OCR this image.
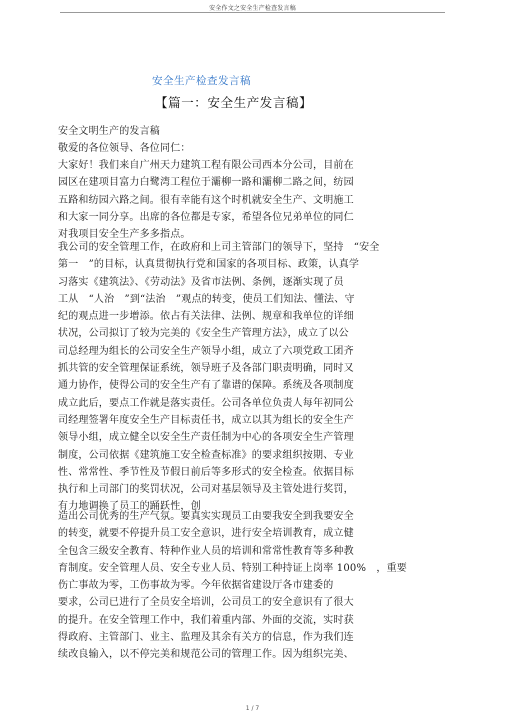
安全作文之安全生产检查发言稿
安全生产检查发言稿
【篇一：安全生产发言稿】
安全文明生产的发言稿
敬爱的各位领导、各位同仁：
大家好！我们来自广州天力建筑工程有限公司西本分公司，目前在
园区在建项目富力白鹭湾工程位于灞柳一路和灞柳二路之间，纺园
五路和纺园六路之间。很有幸能有这个时机就安全生产、文明施工
和大家一同分享。出席的各位都是专家，希望各位兄弟单位的同仁
对我项目安全生产多多指点。
我公司的安全管理工作，在政府和上司主管部门的领导下，坚持　“安全
第一　”的目标，认真贯彻执行党和国家的各项目标、政策，认真学
习落实《建筑法》、《劳动法》及省市法例、条例，逐渐实现了员
工从　“人治　”到“法治　”观点的转变，使员工们知法、懂法、守
纪的观点进一步增添。依占有关法律、法例、规章和我单位的详细
状况，公司拟订了较为完美的《安全生产管理方法》，成立了以公
司总经理为组长的公司安全生产领导小组，成立了六项党政工团齐
抓共管的安全管理保证系统，领导班子及各部门职责明确，同时又
通力协作，使得公司的安全生产有了靠谱的保障。系统及各项制度
成立此后，要点工作就是落实责任。公司各单位负责人每年初同公
司经理签署年度安全生产目标责任书，成立以其为组长的安全生产
领导小组，成立健全以安全生产责任制为中心的各项安全生产管理
制度，公司依据《建筑施工安全检查标准》的要求组织按期、专业
性、常常性、季节性及节假日前后等多形式的安全检查。依据目标
执行和上司部门的奖罚状况，公司对基层领导及主管处进行奖罚，
有力地调换了员工的踊跃性，创
造出公司优秀的生产气氛。要真实实现员工由要我安全到我要安全
的转变，就要不停提升员工安全意识，进行安全培训教育，成立健
全包含三级安全教育、特种作业人员的培训和常常性教育等多种教
育制度。安全管理人员、安全专业人员、特别工种持证上岗率 100%　，重要
伤亡事故为零，工伤事故为零。今年依据省建设厅各市建委的
要求，公司已进行了全员安全培训，公司员工的安全意识有了很大
的提升。在安全管理工作中，我们着重内部、外面的交流，实时获
得政府、主管部门、业主、监理及其余有关方的信息，作为我们连
续改良输入，以不停完美和规范公司的管理工作。因为组织完美、
1 / 7
